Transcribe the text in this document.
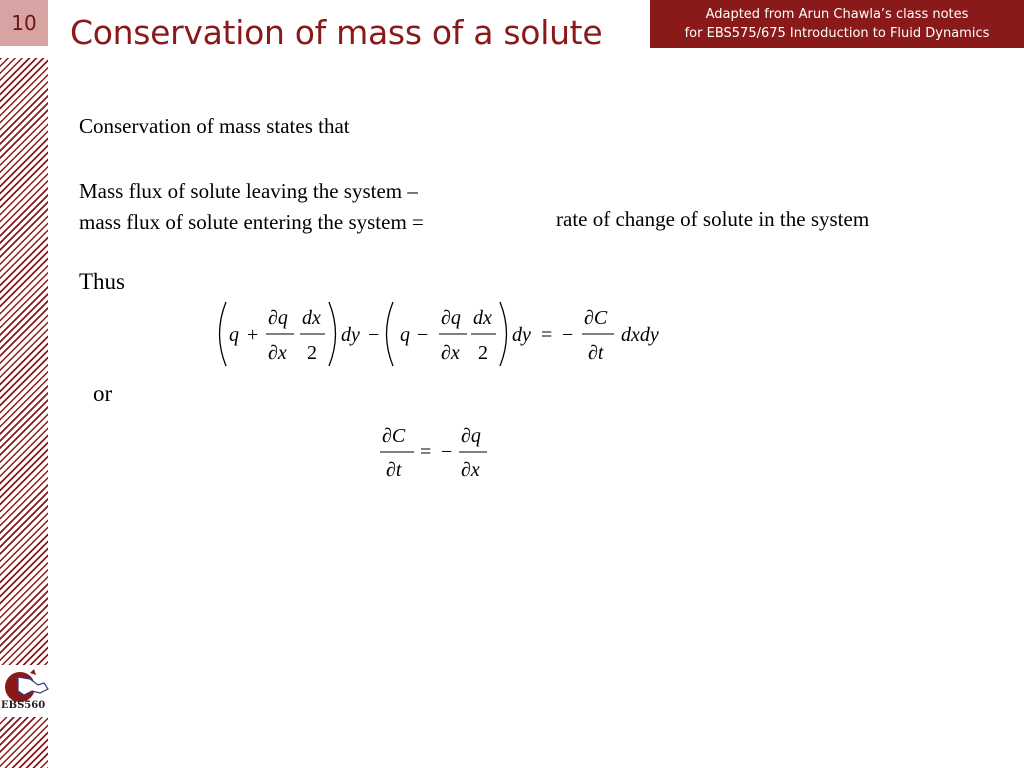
10	Conservation of mass of a solute	Adapted from Arun Chawla’s class notes
for EBS575/675 Introduction to Fluid Dynamics
Conservation of mass states that
Mass flux of solute leaving the system –
mass flux of solute entering the system =	rate of change of solute in the system
Thus
or
q +
∂q
∂x
dx
2
dy − q −
∂q
∂x
dx
2
dy = −
∂C
∂t
dxdy
∂C
∂t
= −
∂q
∂x
EBS560
